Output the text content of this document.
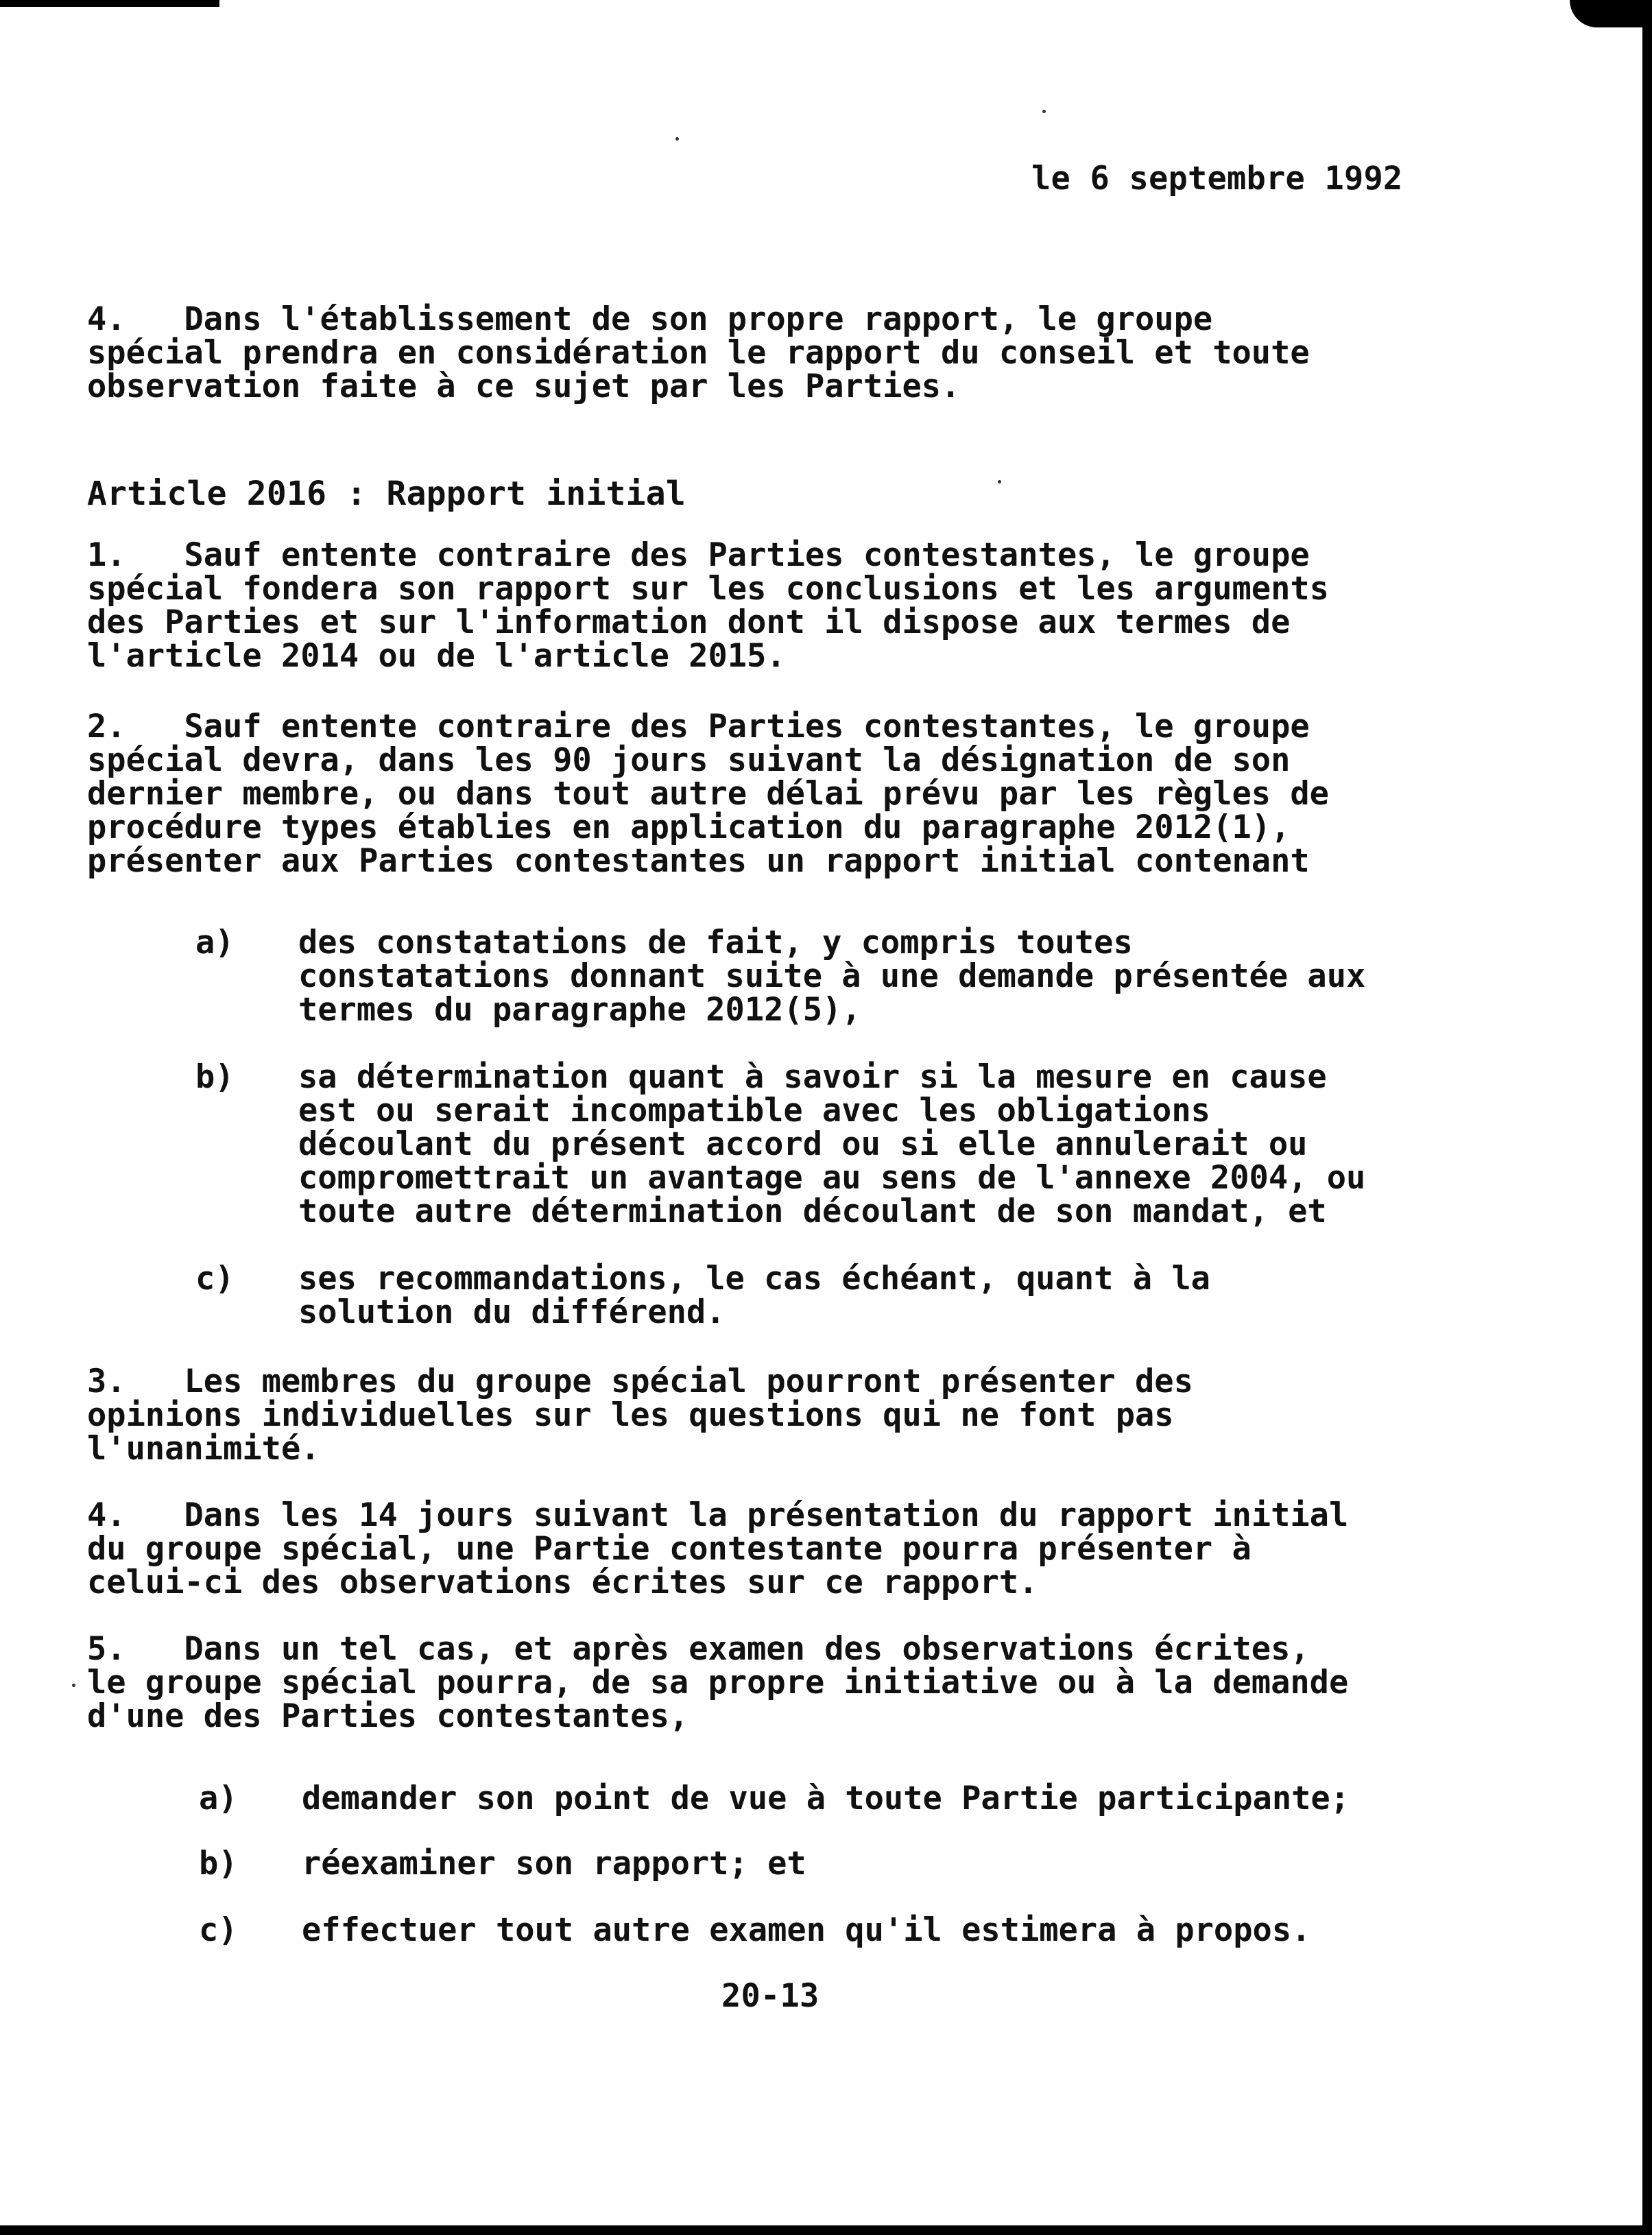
le 6 septembre 1992
4.   Dans l'établissement de son propre rapport, le groupe
spécial prendra en considération le rapport du conseil et toute
observation faite à ce sujet par les Parties.
Article 2016 : Rapport initial
1.   Sauf entente contraire des Parties contestantes, le groupe
spécial fondera son rapport sur les conclusions et les arguments
des Parties et sur l'information dont il dispose aux termes de
l'article 2014 ou de l'article 2015.
2.   Sauf entente contraire des Parties contestantes, le groupe
spécial devra, dans les 90 jours suivant la désignation de son
dernier membre, ou dans tout autre délai prévu par les règles de
procédure types établies en application du paragraphe 2012(1),
présenter aux Parties contestantes un rapport initial contenant
a) des constatations de fait, y compris toutes
constatations donnant suite à une demande présentée aux
termes du paragraphe 2012(5),
b) sa détermination quant à savoir si la mesure en cause
est ou serait incompatible avec les obligations
découlant du présent accord ou si elle annulerait ou
compromettrait un avantage au sens de l'annexe 2004, ou
toute autre détermination découlant de son mandat, et
c) ses recommandations, le cas échéant, quant à la
solution du différend.
3.   Les membres du groupe spécial pourront présenter des
opinions individuelles sur les questions qui ne font pas
l'unanimité.
4.   Dans les 14 jours suivant la présentation du rapport initial
du groupe spécial, une Partie contestante pourra présenter à
celui-ci des observations écrites sur ce rapport.
5.   Dans un tel cas, et après examen des observations écrites,
le groupe spécial pourra, de sa propre initiative ou à la demande
d'une des Parties contestantes,
a) demander son point de vue à toute Partie participante;
b) réexaminer son rapport; et
c) effectuer tout autre examen qu'il estimera à propos.
20-13
